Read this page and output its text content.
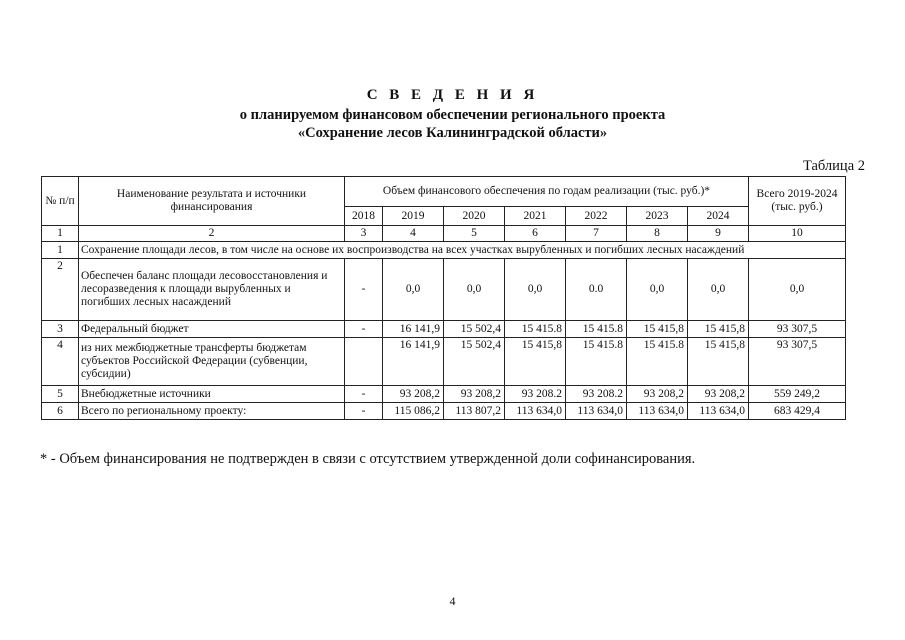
С В Е Д Е Н И Я
о планируемом финансовом обеспечении регионального проекта
«Сохранение лесов Калининградской области»
Таблица 2
№ п/п	Наименование результата и источники финансирования	Объем финансового обеспечения по годам реализации (тыс. руб.)*							Всего 2019-2024 (тыс. руб.)
		2018	2019	2020	2021	2022	2023	2024	
1	2	3	4	5	6	7	8	9	10
1	Сохранение площади лесов, в том числе на основе их воспроизводства на всех участках вырубленных и погибших лесных насаждений								
2	Обеспечен баланс площади лесовосстановления и лесоразведения к площади вырубленных и погибших лесных насаждений	-	0,0	0,0	0,0	0.0	0,0	0,0	0,0
3	Федеральный бюджет	-	16 141,9	15 502,4	15 415.8	15 415.8	15 415,8	15 415,8	93 307,5
4	из них межбюджетные трансферты бюджетам субъектов Российской Федерации (субвенции, субсидии)		16 141,9	15 502,4	15 415,8	15 415.8	15 415.8	15 415,8	93 307,5
5	Внебюджетные источники	-	93 208,2	93 208,2	93 208.2	93 208.2	93 208,2	93 208,2	559 249,2
6	Всего по региональному проекту:	-	115 086,2	113 807,2	113 634,0	113 634,0	113 634,0	113 634,0	683 429,4
* - Объем финансирования не подтвержден в связи с отсутствием утвержденной доли софинансирования.
4
